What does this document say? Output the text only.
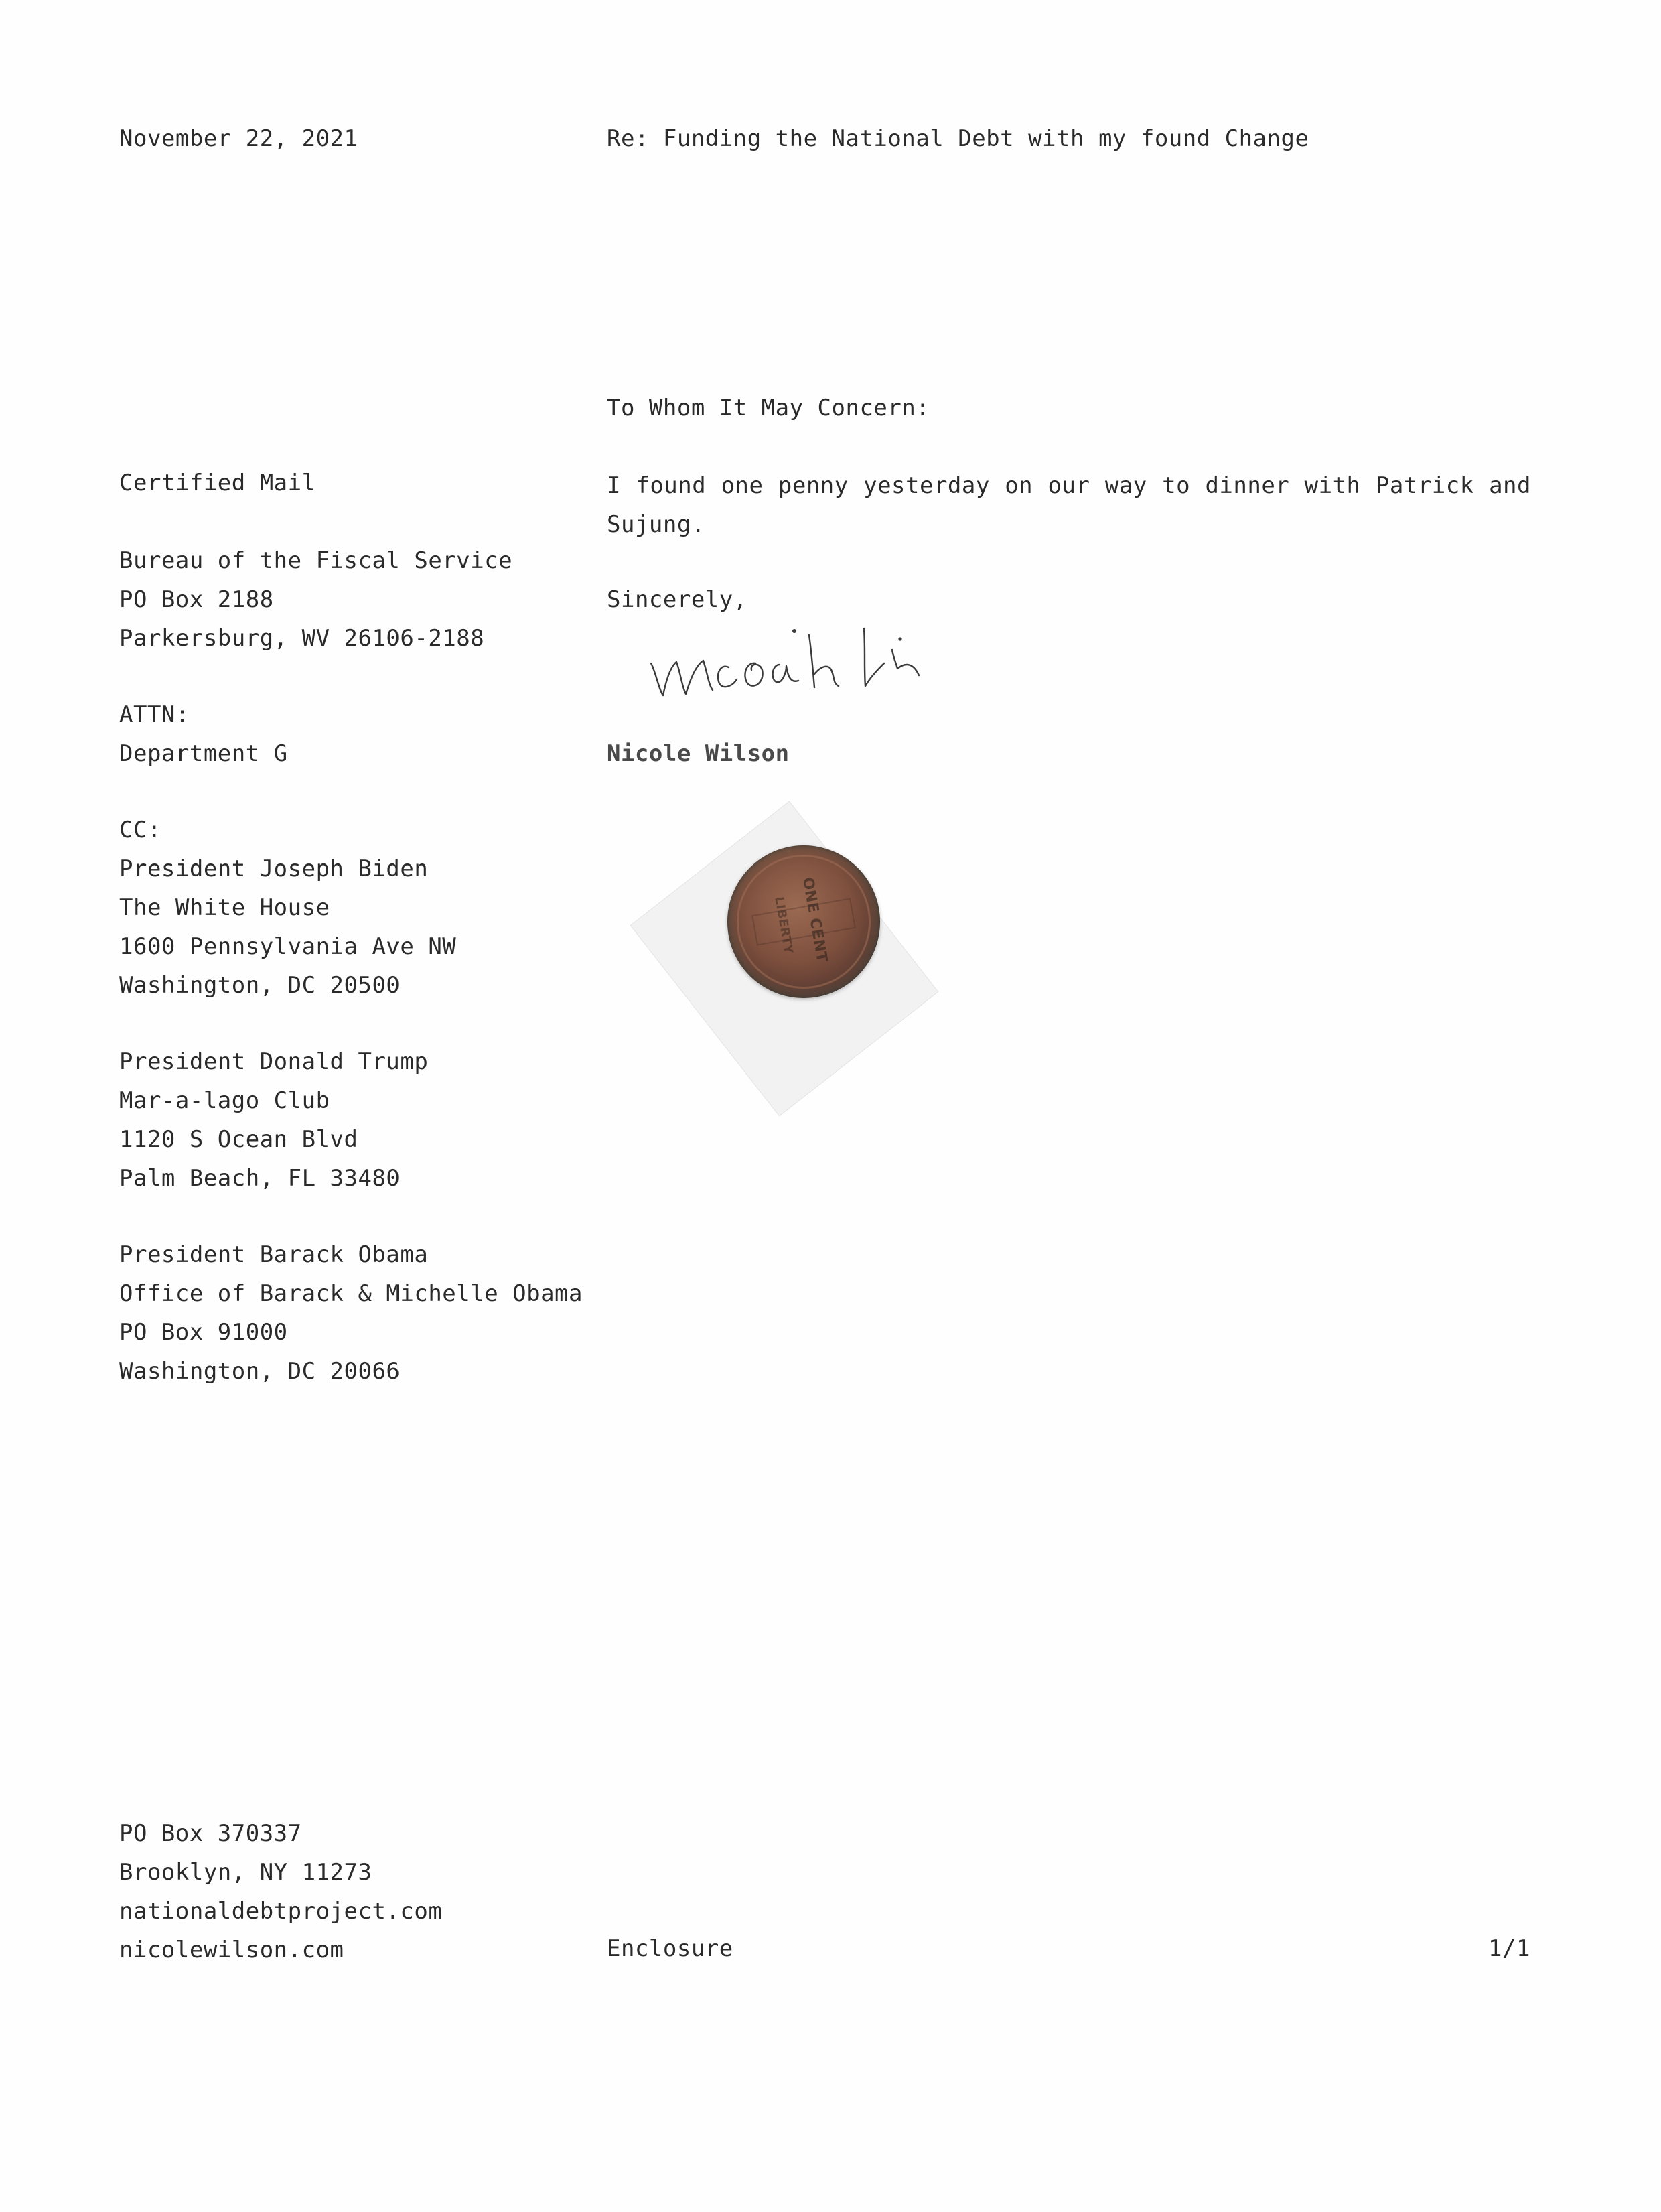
November 22, 2021	Re: Funding the National Debt with my found Change
Certified Mail
Bureau of the Fiscal Service
PO Box 2188
Parkersburg, WV 26106-2188
ATTN:
Department G
CC:
President Joseph Biden
The White House
1600 Pennsylvania Ave NW
Washington, DC 20500
President Donald Trump
Mar-a-lago Club
1120 S Ocean Blvd
Palm Beach, FL 33480
President Barack Obama
Office of Barack & Michelle Obama
PO Box 91000
Washington, DC 20066
To Whom It May Concern:
I found one penny yesterday on our way to dinner with Patrick and Sujung.
Sincerely,
Nicole Wilson
ONE CENT
LIBERTY
PO Box 370337
Brooklyn, NY 11273
nationaldebtproject.com
nicolewilson.com	Enclosure	1/1
